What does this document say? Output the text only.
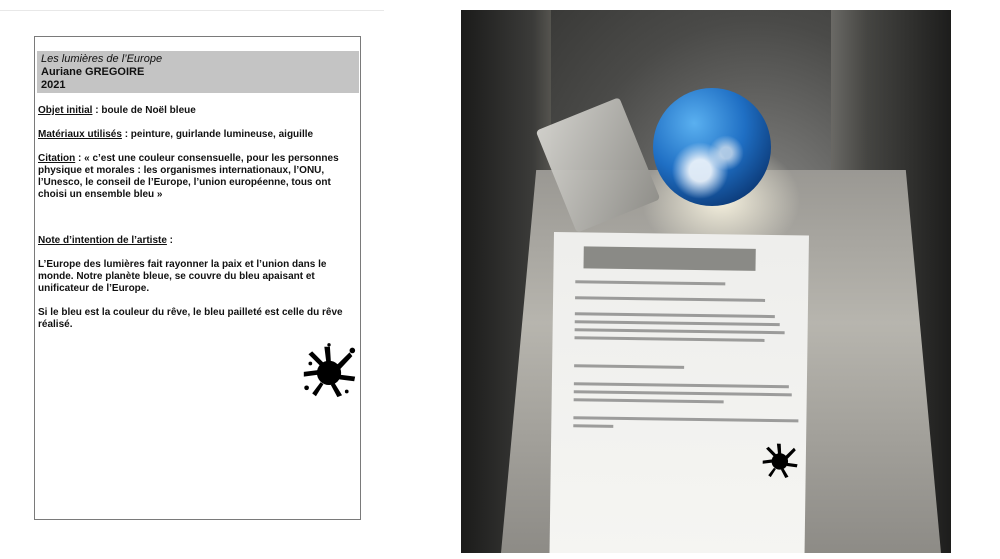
Les lumières de l’Europe
Auriane GREGOIRE
2021

Objet initial : boule de Noël bleue

Matériaux utilisés : peinture, guirlande lumineuse, aiguille

Citation : « c’est une couleur consensuelle, pour les personnes physique et morales : les organismes internationaux, l’ONU, l’Unesco, le conseil de l’Europe, l’union européenne, tous ont choisi un ensemble bleu »

Note d’intention de l’artiste :

L’Europe des lumières fait rayonner la paix et l’union dans le monde. Notre planète bleue, se couvre du bleu apaisant et unificateur de l’Europe.

Si le bleu est la couleur du rêve, le bleu pailleté est celle du rêve réalisé.
